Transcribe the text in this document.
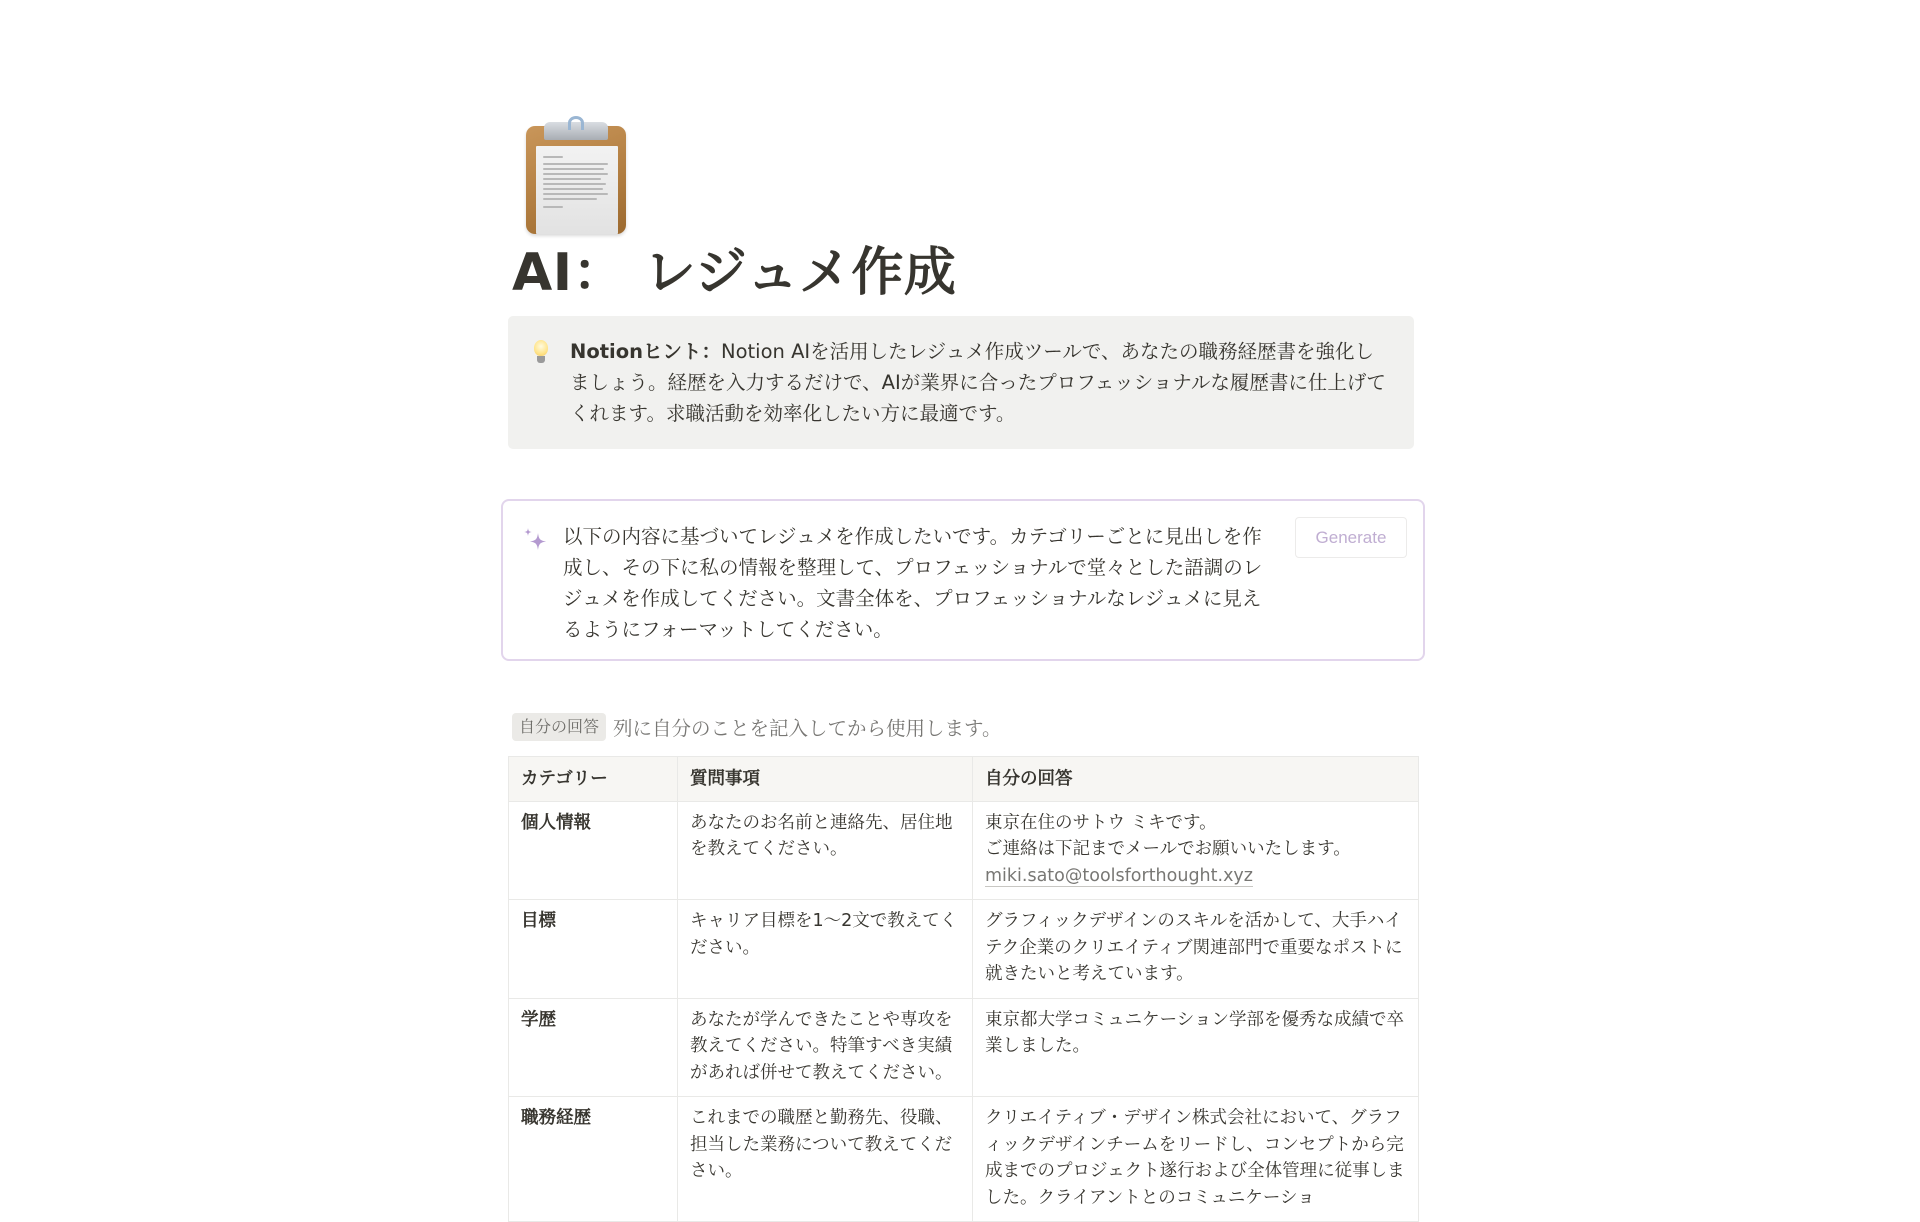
AI： レジュメ作成
Notionヒント：Notion AIを活用したレジュメ作成ツールで、あなたの職務経歴書を強化しましょう。経歴を入力するだけで、AIが業界に合ったプロフェッショナルな履歴書に仕上げてくれます。求職活動を効率化したい方に最適です。
以下の内容に基づいてレジュメを作成したいです。カテゴリーごとに見出しを作成し、その下に私の情報を整理して、プロフェッショナルで堂々とした語調のレジュメを作成してください。文書全体を、プロフェッショナルなレジュメに見えるようにフォーマットしてください。
Generate
自分の回答 列に自分のことを記入してから使用します。
カテゴリー	質問事項	自分の回答
個人情報	あなたのお名前と連絡先、居住地を教えてください。	東京在住のサトウ ミキです。
ご連絡は下記までメールでお願いいたします。
miki.sato@toolsforthought.xyz

目標	キャリア目標を1〜2文で教えてください。	グラフィックデザインのスキルを活かして、大手ハイテク企業のクリエイティブ関連部門で重要なポストに就きたいと考えています。
学歴	あなたが学んできたことや専攻を教えてください。特筆すべき実績があれば併せて教えてください。	東京都大学コミュニケーション学部を優秀な成績で卒業しました。
職務経歴	これまでの職歴と勤務先、役職、担当した業務について教えてください。	クリエイティブ・デザイン株式会社において、グラフィックデザインチームをリードし、コンセプトから完成までのプロジェクト遂行および全体管理に従事しました。クライアントとのコミュニケーショ
